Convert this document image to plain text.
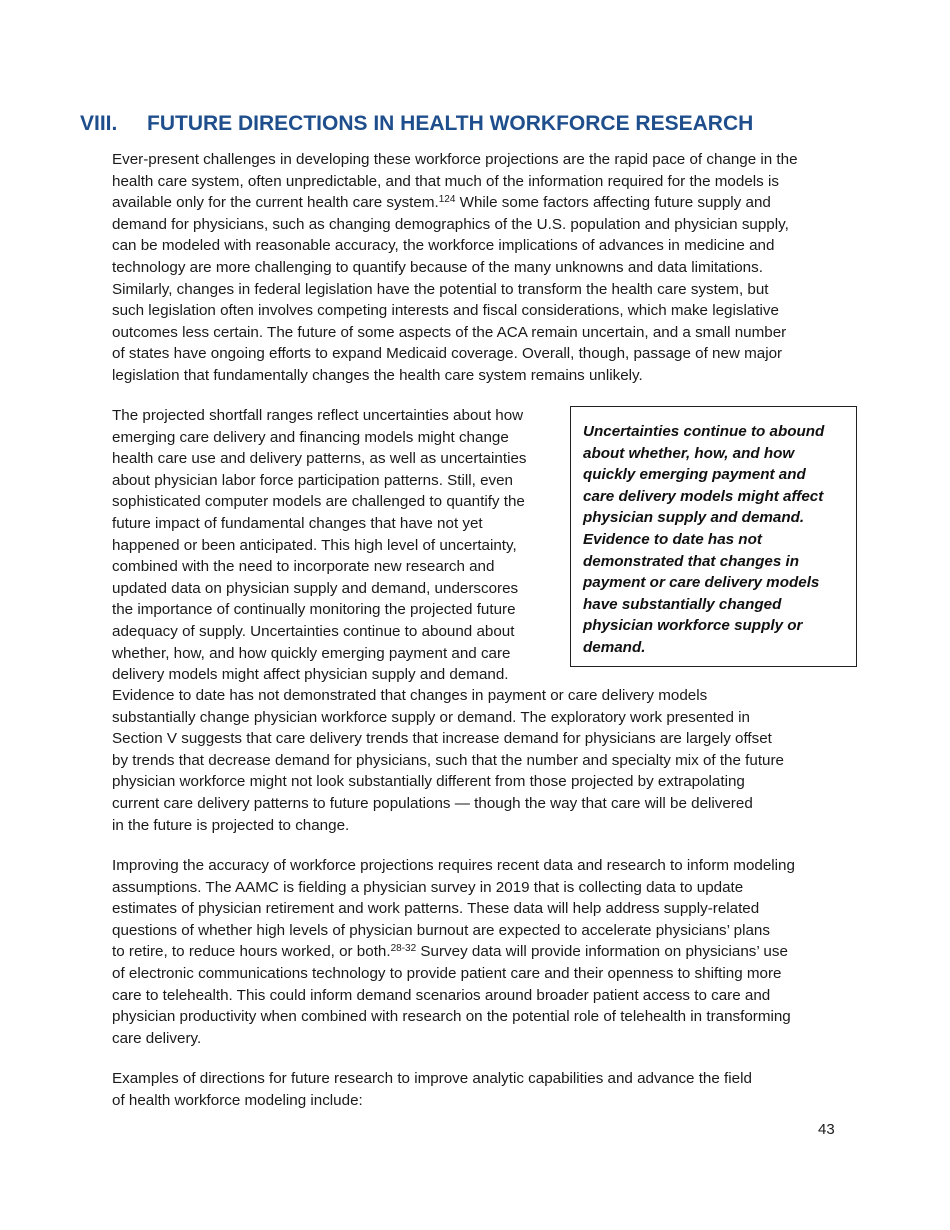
VIII. FUTURE DIRECTIONS IN HEALTH WORKFORCE RESEARCH

Ever-present challenges in developing these workforce projections are the rapid pace of change in the
health care system, often unpredictable, and that much of the information required for the models is
available only for the current health care system.$^{124}$ While some factors affecting future supply and
demand for physicians, such as changing demographics of the U.S. population and physician supply,
can be modeled with reasonable accuracy, the workforce implications of advances in medicine and
technology are more challenging to quantify because of the many unknowns and data limitations.
Similarly, changes in federal legislation have the potential to transform the health care system, but
such legislation often involves competing interests and fiscal considerations, which make legislative
outcomes less certain. The future of some aspects of the ACA remain uncertain, and a small number
of states have ongoing efforts to expand Medicaid coverage. Overall, though, passage of new major
legislation that fundamentally changes the health care system remains unlikely.

The projected shortfall ranges reflect uncertainties about how
emerging care delivery and financing models might change
health care use and delivery patterns, as well as uncertainties
about physician labor force participation patterns. Still, even
sophisticated computer models are challenged to quantify the
future impact of fundamental changes that have not yet
happened or been anticipated. This high level of uncertainty,
combined with the need to incorporate new research and
updated data on physician supply and demand, underscores
the importance of continually monitoring the projected future
adequacy of supply. Uncertainties continue to abound about
whether, how, and how quickly emerging payment and care
delivery models might affect physician supply and demand.

Uncertainties continue to abound
about whether, how, and how
quickly emerging payment and
care delivery models might affect
physician supply and demand.
Evidence to date has not
demonstrated that changes in
payment or care delivery models
have substantially changed
physician workforce supply or
demand.

Evidence to date has not demonstrated that changes in payment or care delivery models
substantially change physician workforce supply or demand. The exploratory work presented in
Section V suggests that care delivery trends that increase demand for physicians are largely offset
by trends that decrease demand for physicians, such that the number and specialty mix of the future
physician workforce might not look substantially different from those projected by extrapolating
current care delivery patterns to future populations — though the way that care will be delivered
in the future is projected to change.

Improving the accuracy of workforce projections requires recent data and research to inform modeling
assumptions. The AAMC is fielding a physician survey in 2019 that is collecting data to update
estimates of physician retirement and work patterns. These data will help address supply-related
questions of whether high levels of physician burnout are expected to accelerate physicians’ plans
to retire, to reduce hours worked, or both.$^{28-32}$ Survey data will provide information on physicians’ use
of electronic communications technology to provide patient care and their openness to shifting more
care to telehealth. This could inform demand scenarios around broader patient access to care and
physician productivity when combined with research on the potential role of telehealth in transforming
care delivery.

Examples of directions for future research to improve analytic capabilities and advance the field
of health workforce modeling include:

43
